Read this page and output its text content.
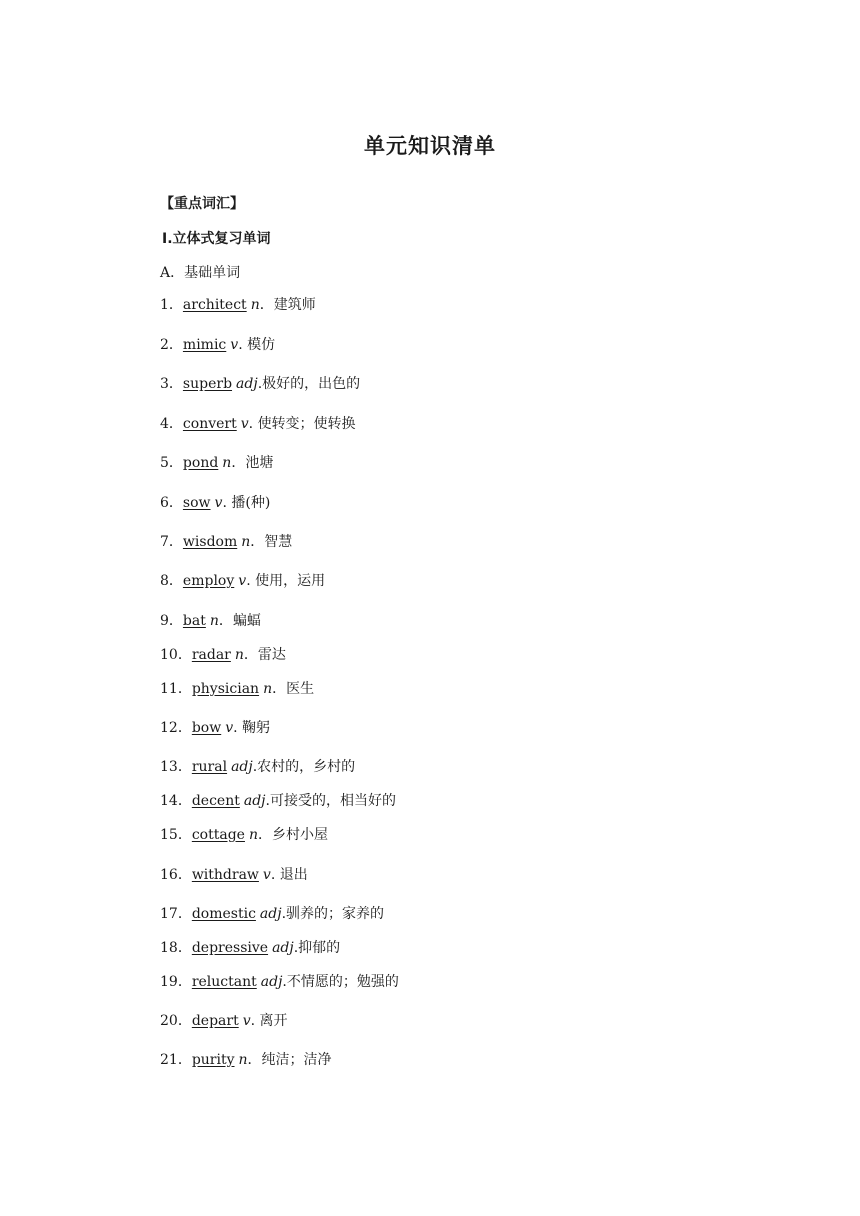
单元知识清单
【重点词汇】
Ⅰ.立体式复习单词
A．基础单词
1．architect n．建筑师
2．mimic v. 模仿
3．superb adj.极好的，出色的
4．convert v. 使转变；使转换
5．pond n．池塘
6．sow v. 播(种)
7．wisdom n．智慧
8．employ v. 使用，运用
9．bat n．蝙蝠
10．radar n．雷达
11．physician n．医生
12．bow v. 鞠躬
13．rural adj.农村的，乡村的
14．decent adj.可接受的，相当好的
15．cottage n．乡村小屋
16．withdraw v. 退出
17．domestic adj.驯养的；家养的
18．depressive adj.抑郁的
19．reluctant adj.不情愿的；勉强的
20．depart v. 离开
21．purity n．纯洁；洁净
